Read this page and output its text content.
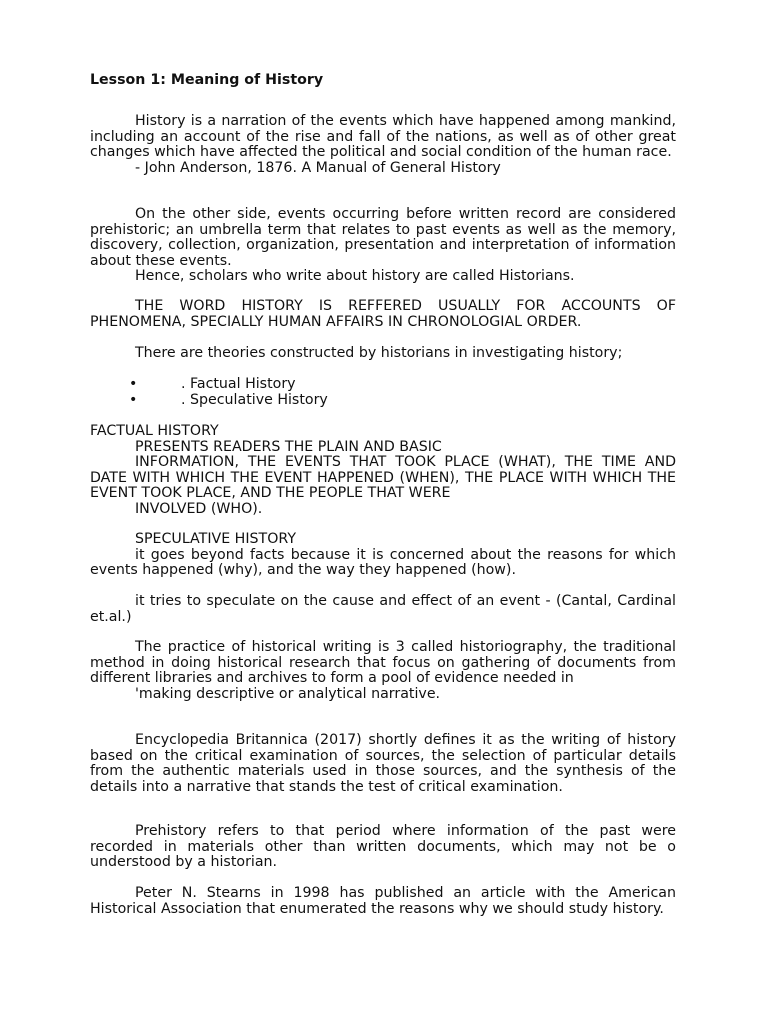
Lesson 1: Meaning of History

History is a narration of the events which have happened among mankind, including an account of the rise and fall of the nations, as well as of other great changes which have affected the political and social condition of the human race.

- John Anderson, 1876. A Manual of General History

On the other side, events occurring before written record are considered prehistoric; an umbrella term that relates to past events as well as the memory, discovery, collection, organization, presentation and interpretation of information about these events.

Hence, scholars who write about history are called Historians.

THE WORD HISTORY IS REFFERED USUALLY FOR ACCOUNTS OF PHENOMENA, SPECIALLY HUMAN AFFAIRS IN CHRONOLOGIAL ORDER.

There are theories constructed by historians in investigating history;

•	. Factual History
•	. Speculative History

FACTUAL HISTORY

PRESENTS READERS THE PLAIN AND BASIC

INFORMATION, THE EVENTS THAT TOOK PLACE (WHAT), THE TIME AND DATE WITH WHICH THE EVENT HAPPENED (WHEN), THE PLACE WITH WHICH THE EVENT TOOK PLACE, AND THE PEOPLE THAT WERE

INVOLVED (WHO).

SPECULATIVE HISTORY

it goes beyond facts because it is concerned about the reasons for which events happened (why), and the way they happened (how).

it tries to speculate on the cause and effect of an event - (Cantal, Cardinal et.al.)

The practice of historical writing is 3 called historiography, the traditional method in doing historical research that focus on gathering of documents from different libraries and archives to form a pool of evidence needed in

'making descriptive or analytical narrative.

Encyclopedia Britannica (2017) shortly defines it as the writing of history based on the critical examination of sources, the selection of particular details from the authentic materials used in those sources, and the synthesis of the details into a narrative that stands the test of critical examination.

Prehistory refers to that period where information of the past were recorded in materials other than written documents, which may not be o understood by a historian.

Peter N. Stearns in 1998 has published an article with the American Historical Association that enumerated the reasons why we should study history.
